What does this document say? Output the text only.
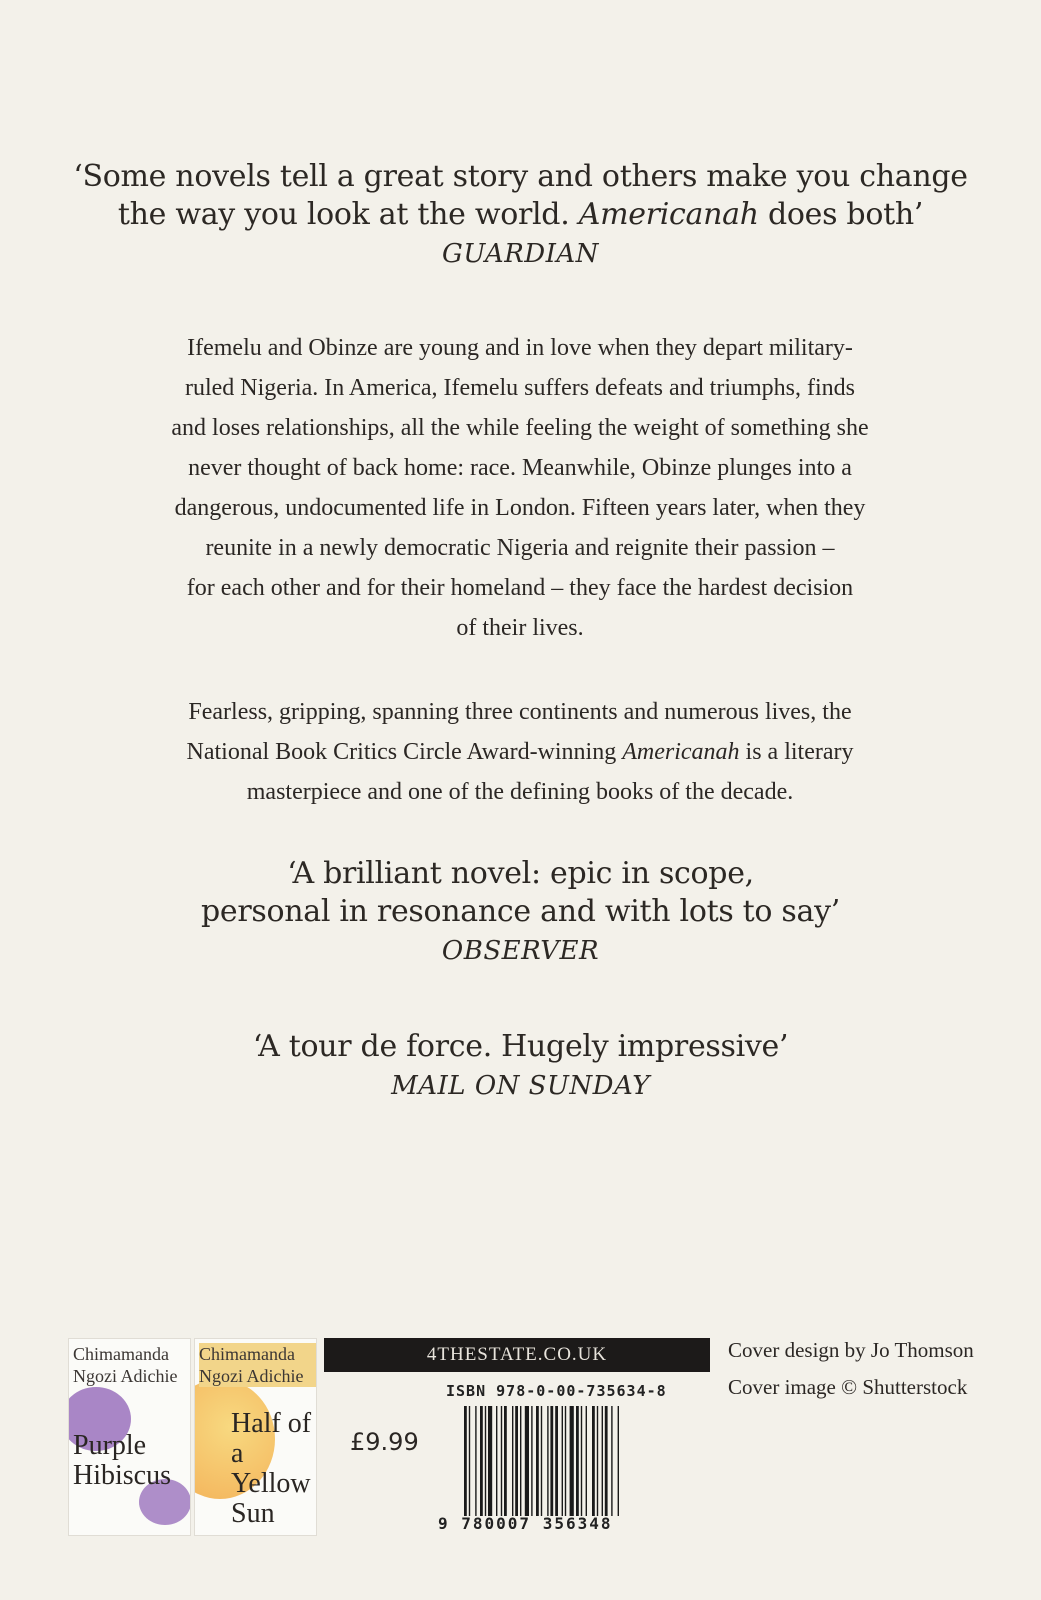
‘Some novels tell a great story and others make you change
the way you look at the world. Americanah does both’
GUARDIAN
Ifemelu and Obinze are young and in love when they depart military-
ruled Nigeria. In America, Ifemelu suffers defeats and triumphs, finds
and loses relationships, all the while feeling the weight of something she
never thought of back home: race. Meanwhile, Obinze plunges into a
dangerous, undocumented life in London. Fifteen years later, when they
reunite in a newly democratic Nigeria and reignite their passion –
for each other and for their homeland – they face the hardest decision
of their lives.
Fearless, gripping, spanning three continents and numerous lives, the
National Book Critics Circle Award-winning Americanah is a literary
masterpiece and one of the defining books of the decade.
‘A brilliant novel: epic in scope,
personal in resonance and with lots to say’
OBSERVER
‘A tour de force. Hugely impressive’
MAIL ON SUNDAY
Chimamanda Ngozi Adichie
Purple Hibiscus
Chimamanda Ngozi Adichie
Half of a Yellow Sun
4THESTATE.CO.UK
£9.99
ISBN 978-0-00-735634-8
9 780007 356348
Cover design by Jo Thomson
Cover image © Shutterstock
